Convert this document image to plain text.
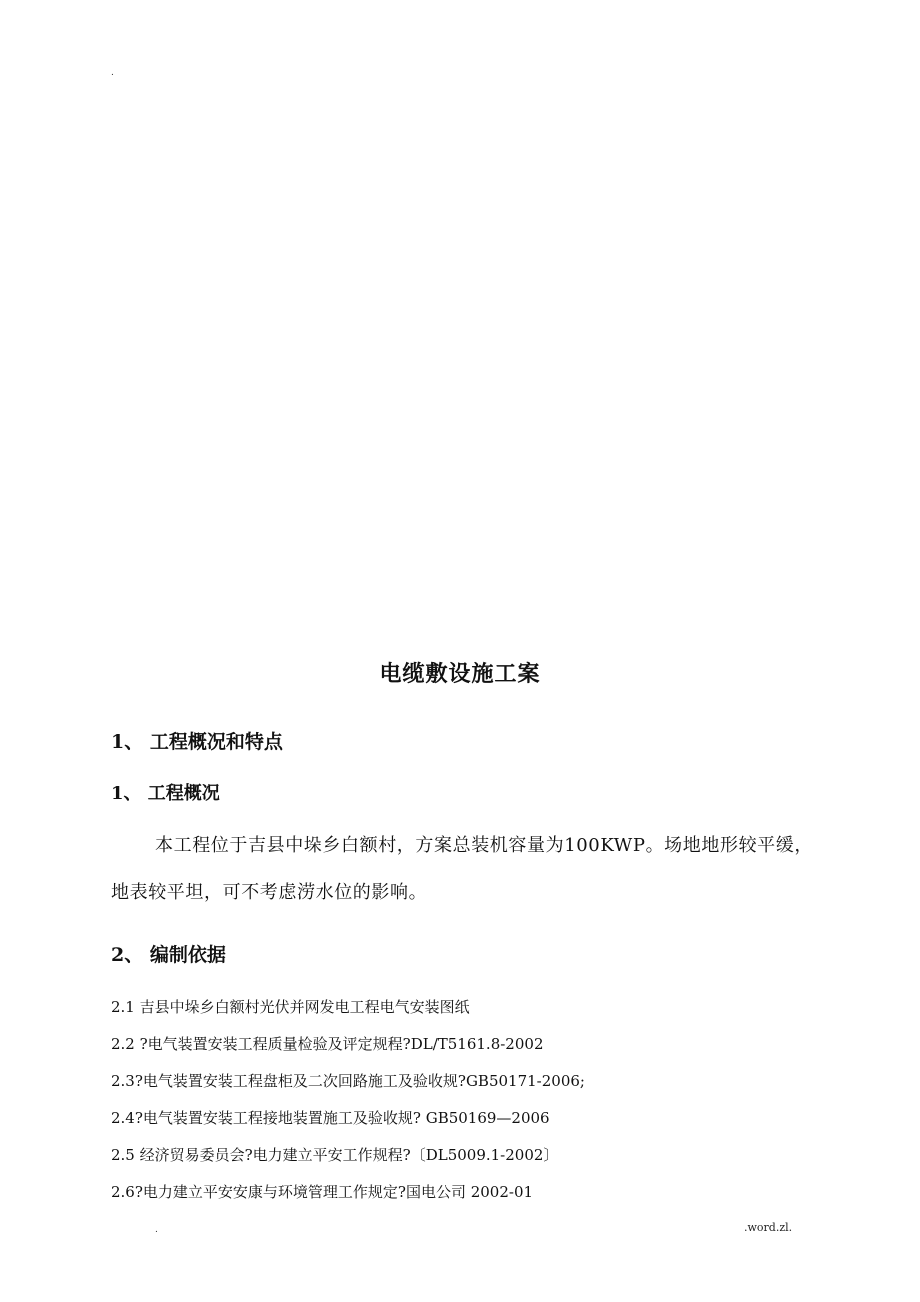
.
电缆敷设施工案
1、 工程概况和特点
1、 工程概况
本工程位于吉县中垛乡白额村，方案总装机容量为100KWP。场地地形较平缓，地表较平坦，可不考虑涝水位的影响。
2、 编制依据
2.1 吉县中垛乡白额村光伏并网发电工程电气安装图纸
2.2 ?电气装置安装工程质量检验及评定规程?DL/T5161.8-2002
2.3?电气装置安装工程盘柜及二次回路施工及验收规?GB50171-2006;
2.4?电气装置安装工程接地装置施工及验收规? GB50169—2006
2.5 经济贸易委员会?电力建立平安工作规程?〔DL5009.1-2002〕
2.6?电力建立平安安康与环境管理工作规定?国电公司 2002-01
.	.word.zl.
